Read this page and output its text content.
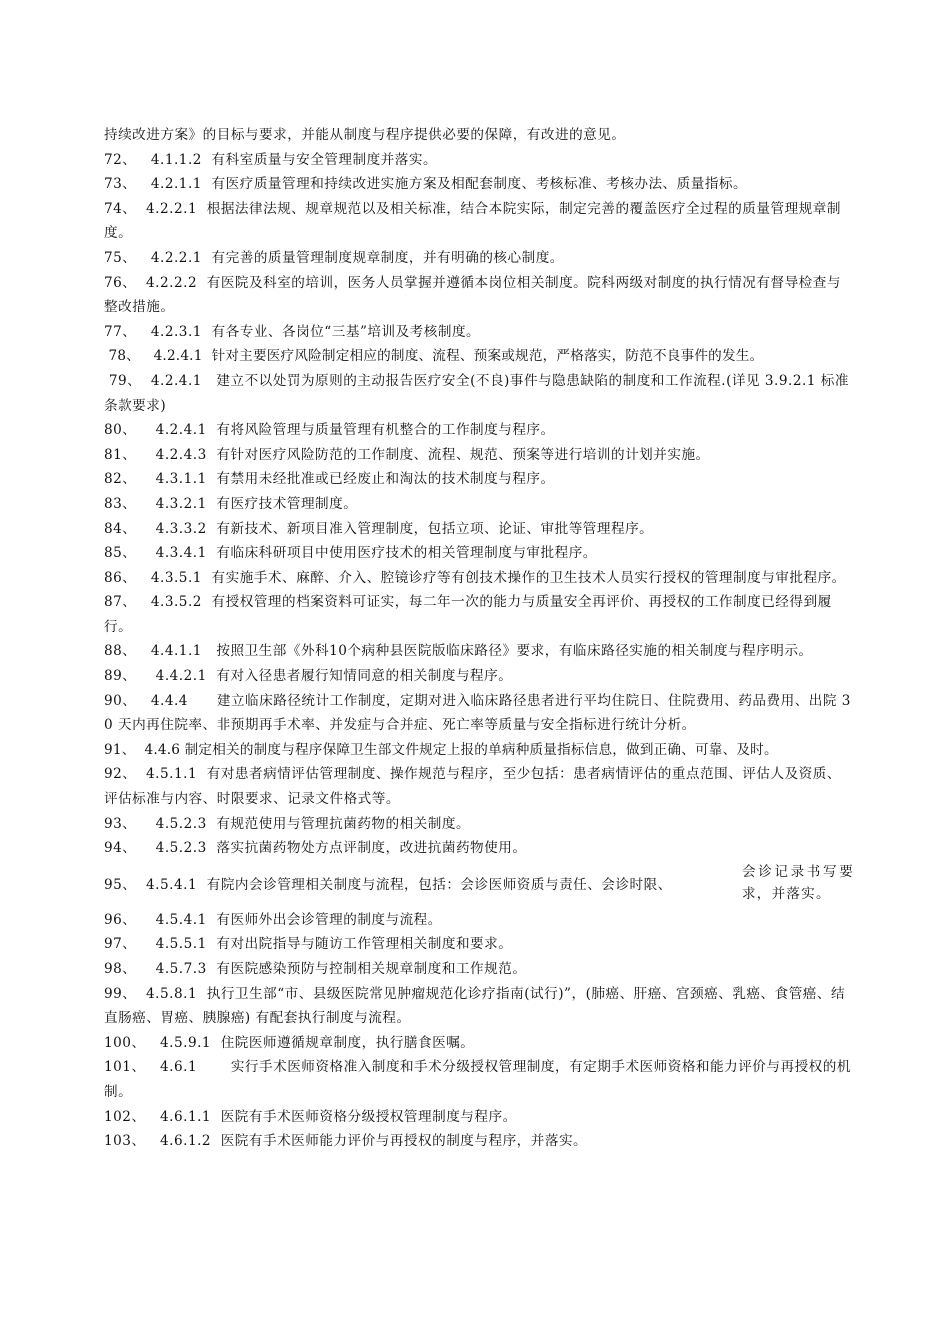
持续改进方案》的目标与要求，并能从制度与程序提供必要的保障，有改进的意见。

72、   4.1.1.2  有科室质量与安全管理制度并落实。

73、   4.2.1.1  有医疗质量管理和持续改进实施方案及相配套制度、考核标准、考核办法、质量指标。

74、  4.2.2.1  根据法律法规、规章规范以及相关标准，结合本院实际，制定完善的覆盖医疗全过程的质量管理规章制度。

75、   4.2.2.1  有完善的质量管理制度规章制度，并有明确的核心制度。

76、  4.2.2.2  有医院及科室的培训，医务人员掌握并遵循本岗位相关制度。院科两级对制度的执行情况有督导检查与整改措施。

77、   4.2.3.1  有各专业、各岗位“三基”培训及考核制度。

78、   4.2.4.1  针对主要医疗风险制定相应的制度、流程、预案或规范，严格落实，防范不良事件的发生。

79、  4.2.4.1   建立不以处罚为原则的主动报告医疗安全(不良)事件与隐患缺陷的制度和工作流程.(详见 3.9.2.1 标准条款要求)

80、    4.2.4.1  有将风险管理与质量管理有机整合的工作制度与程序。

81、    4.2.4.3  有针对医疗风险防范的工作制度、流程、规范、预案等进行培训的计划并实施。

82、    4.3.1.1  有禁用未经批准或已经废止和淘汰的技术制度与程序。

83、    4.3.2.1  有医疗技术管理制度。

84、    4.3.3.2  有新技术、新项目准入管理制度，包括立项、论证、审批等管理程序。

85、    4.3.4.1  有临床科研项目中使用医疗技术的相关管理制度与审批程序。

86、   4.3.5.1  有实施手术、麻醉、介入、腔镜诊疗等有创技术操作的卫生技术人员实行授权的管理制度与审批程序。

87、   4.3.5.2  有授权管理的档案资料可证实，每二年一次的能力与质量安全再评价、再授权的工作制度已经得到履行。

88、   4.4.1.1   按照卫生部《外科10个病种县医院版临床路径》要求，有临床路径实施的相关制度与程序明示。

89、    4.4.2.1  有对入径患者履行知情同意的相关制度与程序。

90、   4.4.4      建立临床路径统计工作制度，定期对进入临床路径患者进行平均住院日、住院费用、药品费用、出院 30 天内再住院率、非预期再手术率、并发症与合并症、死亡率等质量与安全指标进行统计分析。

91、  4.4.6 制定相关的制度与程序保障卫生部文件规定上报的单病种质量指标信息，做到正确、可靠、及时。

92、  4.5.1.1  有对患者病情评估管理制度、操作规范与程序，至少包括：患者病情评估的重点范围、评估人及资质、评估标准与内容、时限要求、记录文件格式等。

93、    4.5.2.3  有规范使用与管理抗菌药物的相关制度。

94、    4.5.2.3  落实抗菌药物处方点评制度，改进抗菌药物使用。

95、  4.5.4.1  有院内会诊管理相关制度与流程，包括：会诊医师资质与责任、会诊时限、
会诊记录书写要求，并落实。

96、    4.5.4.1  有医师外出会诊管理的制度与流程。

97、    4.5.5.1  有对出院指导与随访工作管理相关制度和要求。

98、    4.5.7.3  有医院感染预防与控制相关规章制度和工作规范。

99、  4.5.8.1  执行卫生部“市、县级医院常见肿瘤规范化诊疗指南(试行)”，(肺癌、肝癌、宫颈癌、乳癌、食管癌、结直肠癌、胃癌、胰腺癌) 有配套执行制度与流程。

100、   4.5.9.1  住院医师遵循规章制度，执行膳食医嘱。

101、   4.6.1       实行手术医师资格准入制度和手术分级授权管理制度，有定期手术医师资格和能力评价与再授权的机制。

102、   4.6.1.1  医院有手术医师资格分级授权管理制度与程序。

103、   4.6.1.2  医院有手术医师能力评价与再授权的制度与程序，并落实。
